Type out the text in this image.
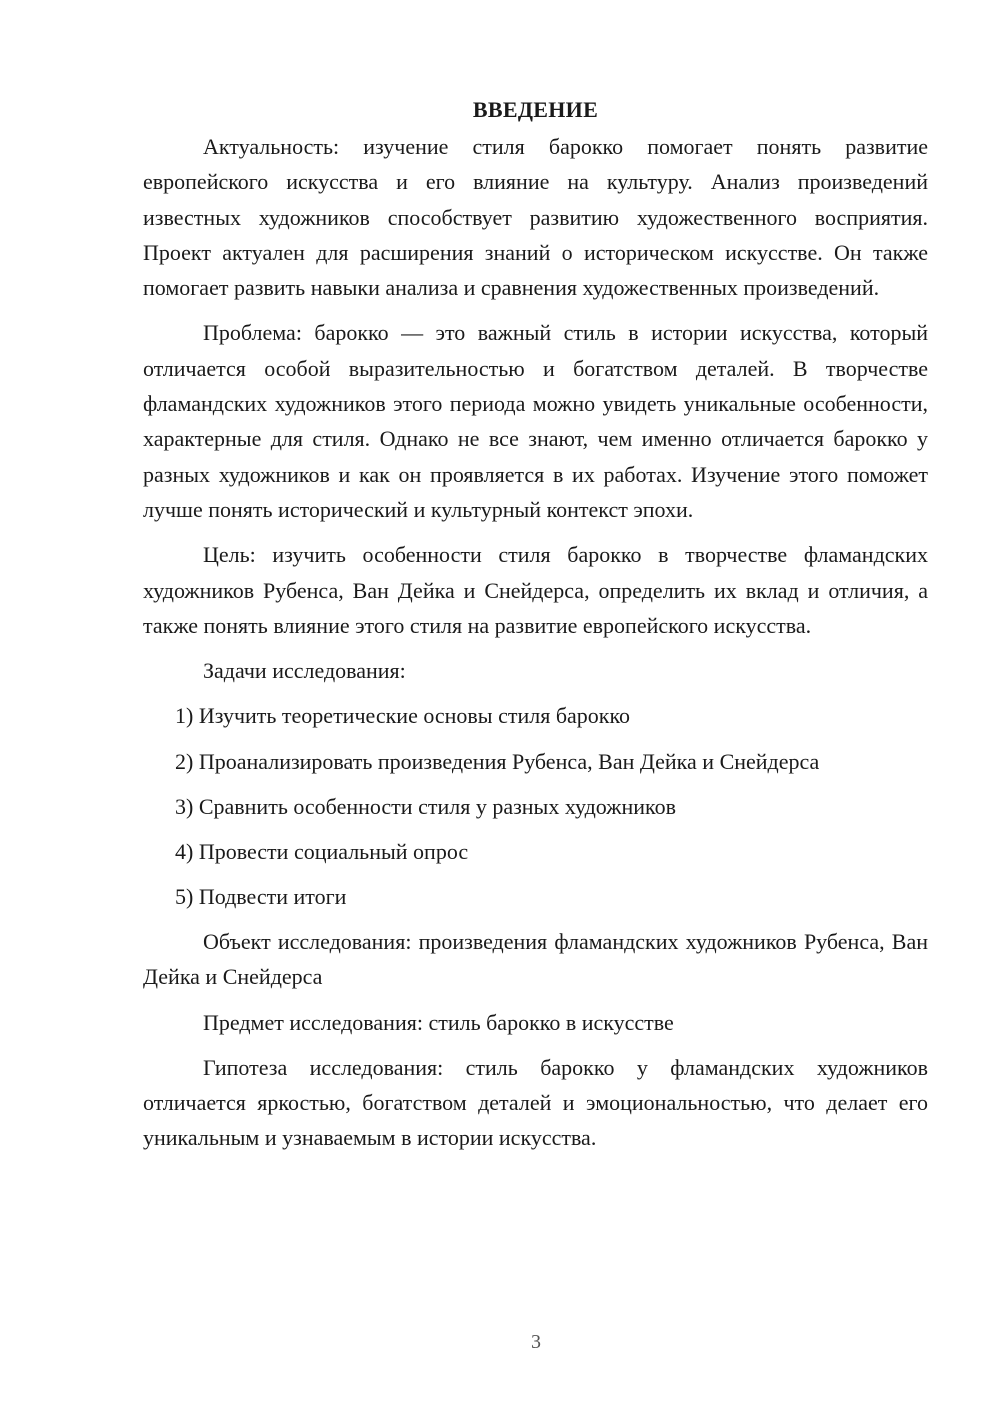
ВВЕДЕНИЕ

Актуальность: изучение стиля барокко помогает понять развитие европейского искусства и его влияние на культуру. Анализ произведений известных художников способствует развитию художественного восприятия. Проект актуален для расширения знаний о историческом искусстве. Он также помогает развить навыки анализа и сравнения художественных произведений.

Проблема: барокко — это важный стиль в истории искусства, который отличается особой выразительностью и богатством деталей. В творчестве фламандских художников этого периода можно увидеть уникальные особенности, характерные для стиля. Однако не все знают, чем именно отличается барокко у разных художников и как он проявляется в их работах. Изучение этого поможет лучше понять исторический и культурный контекст эпохи.

Цель: изучить особенности стиля барокко в творчестве фламандских художников Рубенса, Ван Дейка и Снейдерса, определить их вклад и отличия, а также понять влияние этого стиля на развитие европейского искусства.

Задачи исследования:

1) Изучить теоретические основы стиля барокко
2) Проанализировать произведения Рубенса, Ван Дейка и Снейдерса
3) Сравнить особенности стиля у разных художников
4) Провести социальный опрос
5) Подвести итоги

Объект исследования: произведения фламандских художников Рубенса, Ван Дейка и Снейдерса

Предмет исследования: стиль барокко в искусстве

Гипотеза исследования: стиль барокко у фламандских художников отличается яркостью, богатством деталей и эмоциональностью, что делает его уникальным и узнаваемым в истории искусства.

3
